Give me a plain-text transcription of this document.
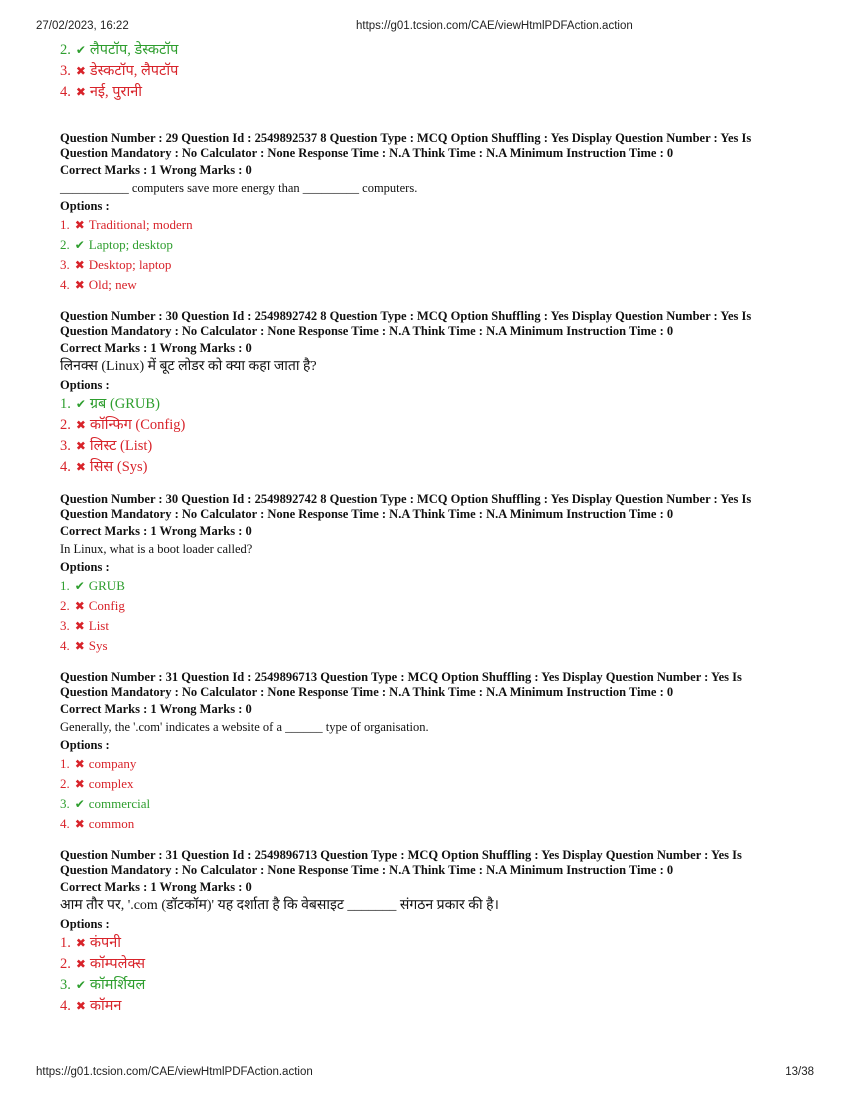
27/02/2023, 16:22	https://g01.tcsion.com/CAE/viewHtmlPDFAction.action
2. ✔ लैपटॉप, डेस्कटॉप
3. ✖ डेस्कटॉप, लैपटॉप
4. ✖ नई, पुरानी
Question Number : 29 Question Id : 2549892537 8 Question Type : MCQ Option Shuffling : Yes Display Question Number : Yes Is
Question Mandatory : No Calculator : None Response Time : N.A Think Time : N.A Minimum Instruction Time : 0
Correct Marks : 1 Wrong Marks : 0
___________ computers save more energy than _________ computers.
Options :
1. ✖ Traditional; modern
2. ✔ Laptop; desktop
3. ✖ Desktop; laptop
4. ✖ Old; new
Question Number : 30 Question Id : 2549892742 8 Question Type : MCQ Option Shuffling : Yes Display Question Number : Yes Is
Question Mandatory : No Calculator : None Response Time : N.A Think Time : N.A Minimum Instruction Time : 0
Correct Marks : 1 Wrong Marks : 0
लिनक्स (Linux) में बूट लोडर को क्या कहा जाता है?
Options :
1. ✔ ग्रब (GRUB)
2. ✖ कॉन्फिग (Config)
3. ✖ लिस्ट (List)
4. ✖ सिस (Sys)
Question Number : 30 Question Id : 2549892742 8 Question Type : MCQ Option Shuffling : Yes Display Question Number : Yes Is
Question Mandatory : No Calculator : None Response Time : N.A Think Time : N.A Minimum Instruction Time : 0
Correct Marks : 1 Wrong Marks : 0
In Linux, what is a boot loader called?
Options :
1. ✔ GRUB
2. ✖ Config
3. ✖ List
4. ✖ Sys
Question Number : 31 Question Id : 2549896713 Question Type : MCQ Option Shuffling : Yes Display Question Number : Yes Is
Question Mandatory : No Calculator : None Response Time : N.A Think Time : N.A Minimum Instruction Time : 0
Correct Marks : 1 Wrong Marks : 0
Generally, the '.com' indicates a website of a ______ type of organisation.
Options :
1. ✖ company
2. ✖ complex
3. ✔ commercial
4. ✖ common
Question Number : 31 Question Id : 2549896713 Question Type : MCQ Option Shuffling : Yes Display Question Number : Yes Is
Question Mandatory : No Calculator : None Response Time : N.A Think Time : N.A Minimum Instruction Time : 0
Correct Marks : 1 Wrong Marks : 0
आम तौर पर, '.com (डॉटकॉम)' यह दर्शाता है कि वेबसाइट _______ संगठन प्रकार की है।
Options :
1. ✖ कंपनी
2. ✖ कॉम्पलेक्स
3. ✔ कॉमर्शियल
4. ✖ कॉमन
https://g01.tcsion.com/CAE/viewHtmlPDFAction.action	13/38
